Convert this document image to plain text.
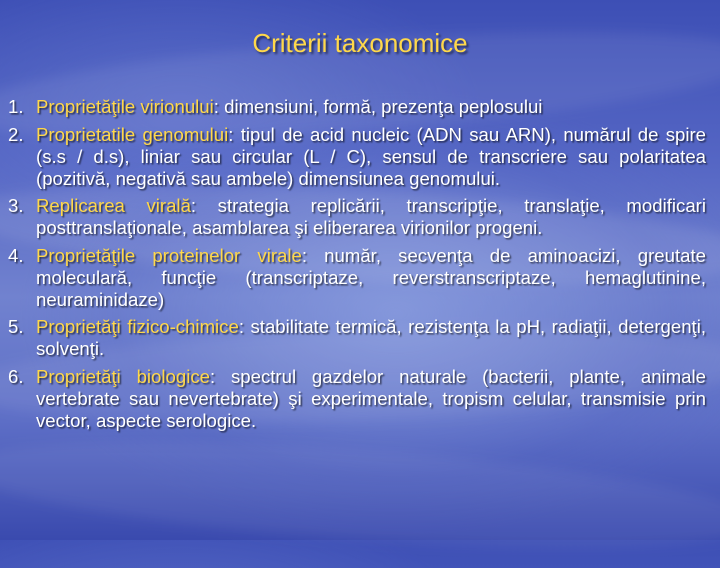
Criterii taxonomice
1. Proprietăţile virionului: dimensiuni, formă, prezenţa peplosului
2. Proprietatile genomului: tipul de acid nucleic (ADN sau ARN), numărul de spire (s.s / d.s), liniar sau circular (L / C), sensul de transcriere sau polaritatea (pozitivă, negativă sau ambele) dimensiunea genomului.
3. Replicarea virală: strategia replicării, transcripţie, translaţie, modificari posttranslaţionale, asamblarea şi eliberarea virionilor progeni.
4. Proprietăţile proteinelor virale: număr, secvenţa de aminoacizi, greutate moleculară, funcţie (transcriptaze, reverstranscriptaze, hemaglutinine, neuraminidaze)
5. Proprietăţi fizico-chimice: stabilitate termică, rezistenţa la pH, radiaţii, detergenţi, solvenţi.
6. Proprietăţi biologice: spectrul gazdelor naturale (bacterii, plante, animale vertebrate sau nevertebrate) şi experimentale, tropism celular, transmisie prin vector, aspecte serologice.
